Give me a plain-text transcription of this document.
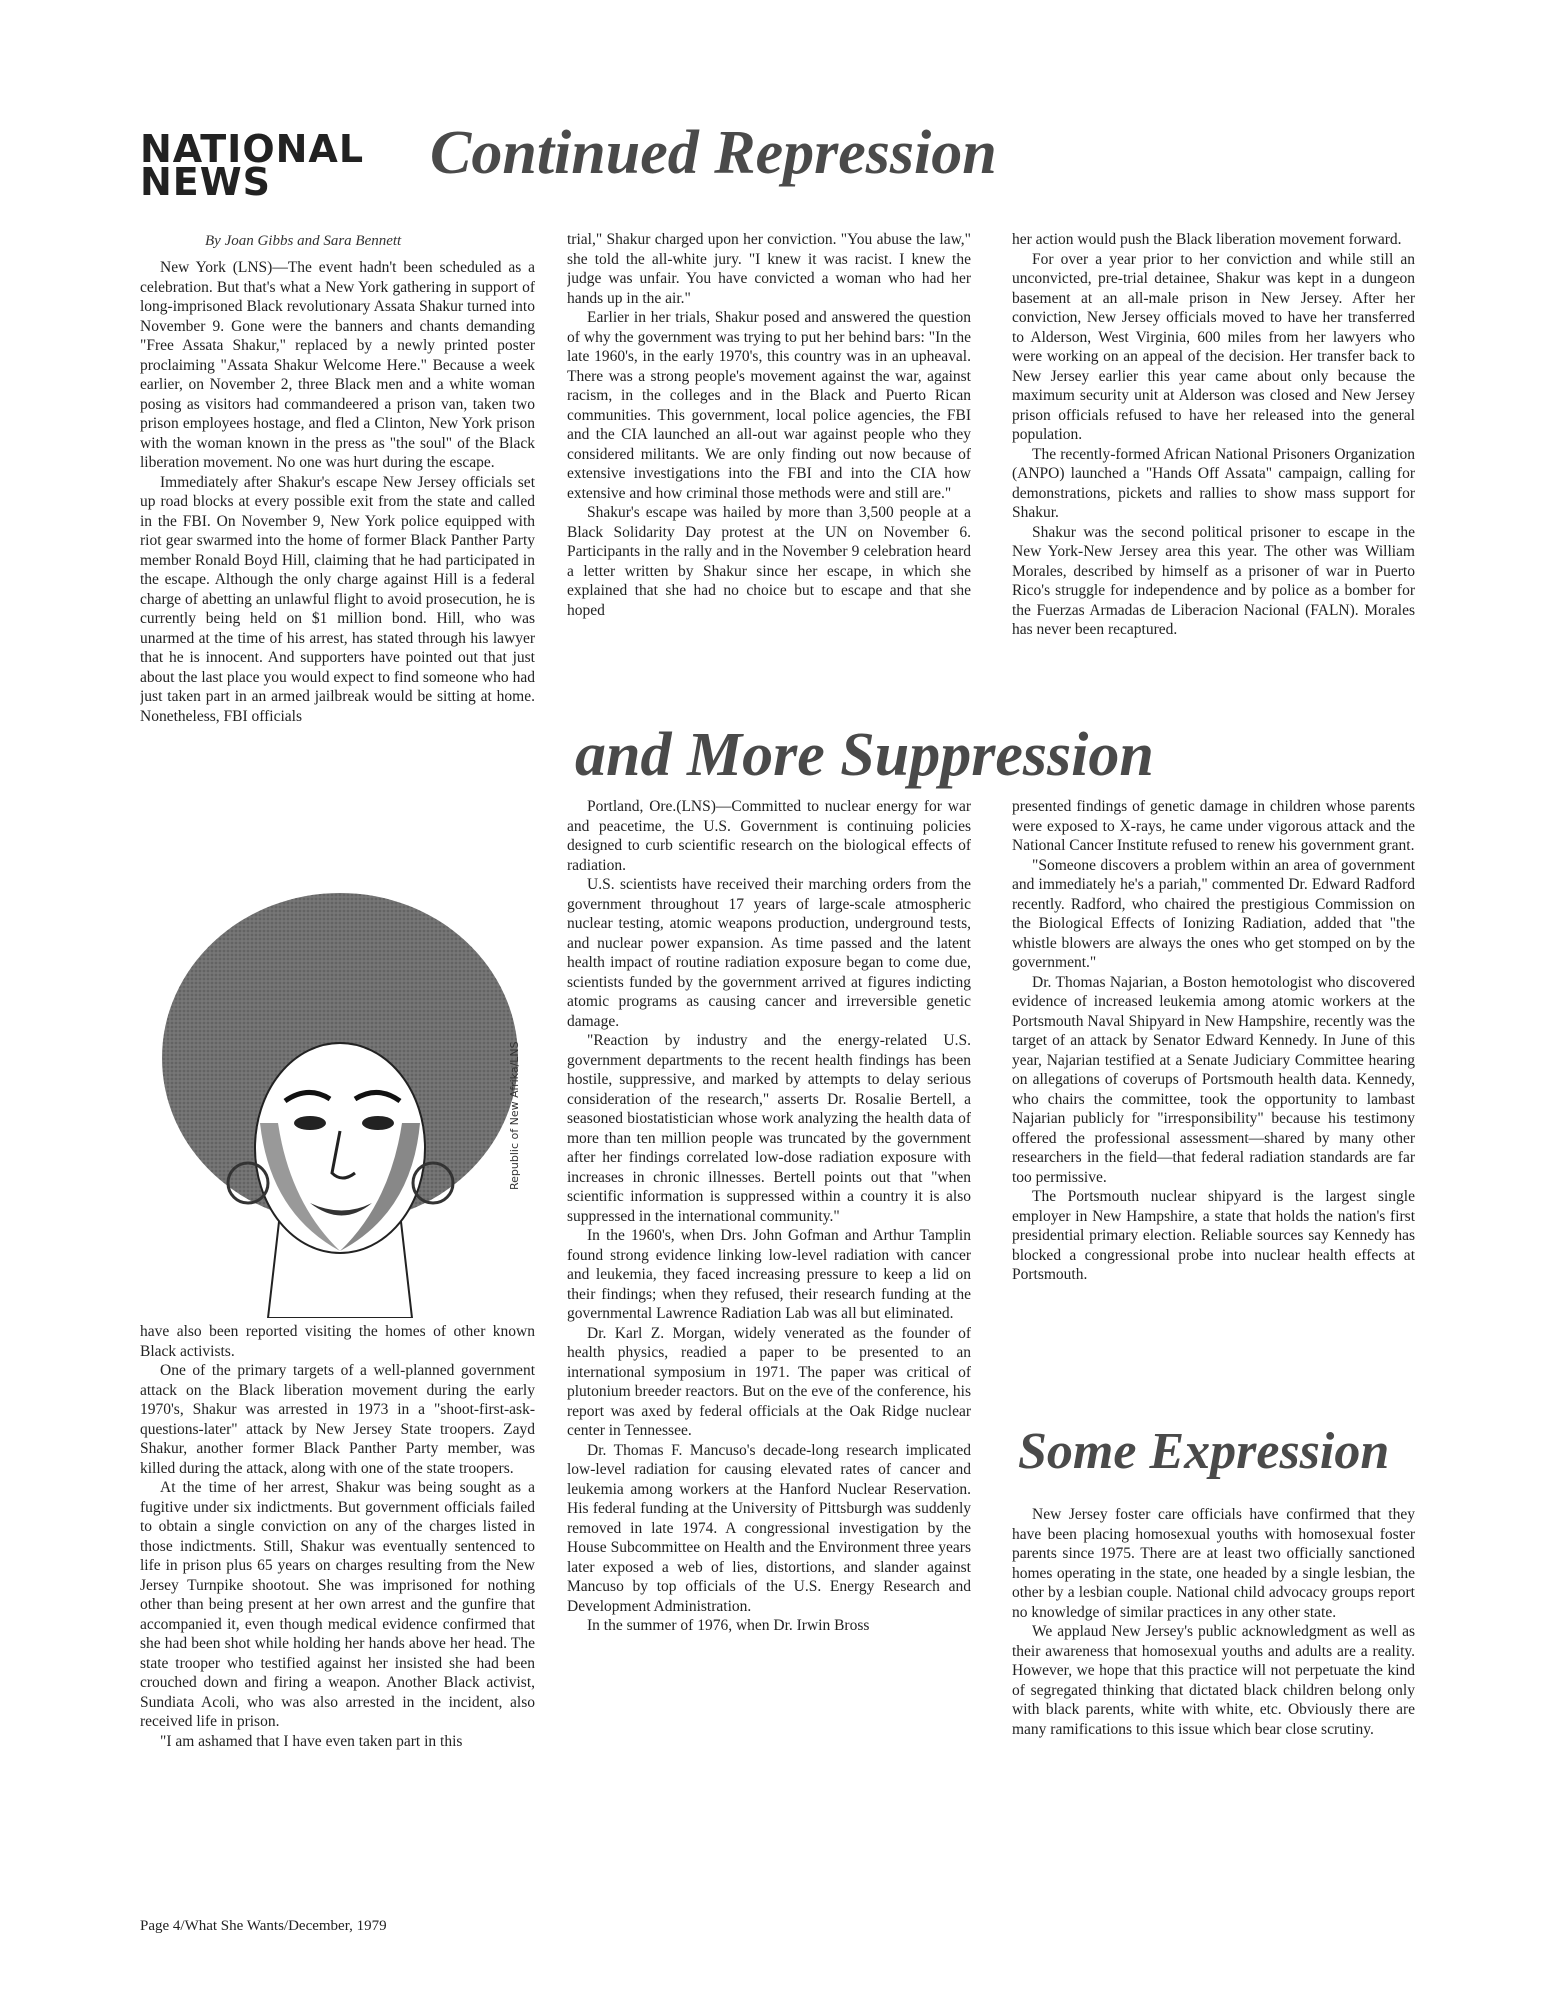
NATIONAL
NEWS	Continued Repression
By Joan Gibbs and Sara Bennett

New York (LNS)—The event hadn't been scheduled as a celebration. But that's what a New York gathering in support of long-imprisoned Black revolutionary Assata Shakur turned into November 9. Gone were the banners and chants demanding "Free Assata Shakur," replaced by a newly printed poster proclaiming "Assata Shakur Welcome Here." Because a week earlier, on November 2, three Black men and a white woman posing as visitors had commandeered a prison van, taken two prison employees hostage, and fled a Clinton, New York prison with the woman known in the press as "the soul" of the Black liberation movement. No one was hurt during the escape.

Immediately after Shakur's escape New Jersey officials set up road blocks at every possible exit from the state and called in the FBI. On November 9, New York police equipped with riot gear swarmed into the home of former Black Panther Party member Ronald Boyd Hill, claiming that he had participated in the escape. Although the only charge against Hill is a federal charge of abetting an unlawful flight to avoid prosecution, he is currently being held on $1 million bond. Hill, who was unarmed at the time of his arrest, has stated through his lawyer that he is innocent. And supporters have pointed out that just about the last place you would expect to find someone who had just taken part in an armed jailbreak would be sitting at home. Nonetheless, FBI officials

Republic of New Afrika/LNS

have also been reported visiting the homes of other known Black activists.

One of the primary targets of a well-planned government attack on the Black liberation movement during the early 1970's, Shakur was arrested in 1973 in a "shoot-first-ask-questions-later" attack by New Jersey State troopers. Zayd Shakur, another former Black Panther Party member, was killed during the attack, along with one of the state troopers.

At the time of her arrest, Shakur was being sought as a fugitive under six indictments. But government officials failed to obtain a single conviction on any of the charges listed in those indictments. Still, Shakur was eventually sentenced to life in prison plus 65 years on charges resulting from the New Jersey Turnpike shootout. She was imprisoned for nothing other than being present at her own arrest and the gunfire that accompanied it, even though medical evidence confirmed that she had been shot while holding her hands above her head. The state trooper who testified against her insisted she had been crouched down and firing a weapon. Another Black activist, Sundiata Acoli, who was also arrested in the incident, also received life in prison.

"I am ashamed that I have even taken part in this

trial," Shakur charged upon her conviction. "You abuse the law," she told the all-white jury. "I knew it was racist. I knew the judge was unfair. You have convicted a woman who had her hands up in the air."

Earlier in her trials, Shakur posed and answered the question of why the government was trying to put her behind bars: "In the late 1960's, in the early 1970's, this country was in an upheaval. There was a strong people's movement against the war, against racism, in the colleges and in the Black and Puerto Rican communities. This government, local police agencies, the FBI and the CIA launched an all-out war against people who they considered militants. We are only finding out now because of extensive investigations into the FBI and into the CIA how extensive and how criminal those methods were and still are."

Shakur's escape was hailed by more than 3,500 people at a Black Solidarity Day protest at the UN on November 6. Participants in the rally and in the November 9 celebration heard a letter written by Shakur since her escape, in which she explained that she had no choice but to escape and that she hoped

her action would push the Black liberation movement forward.

For over a year prior to her conviction and while still an unconvicted, pre-trial detainee, Shakur was kept in a dungeon basement at an all-male prison in New Jersey. After her conviction, New Jersey officials moved to have her transferred to Alderson, West Virginia, 600 miles from her lawyers who were working on an appeal of the decision. Her transfer back to New Jersey earlier this year came about only because the maximum security unit at Alderson was closed and New Jersey prison officials refused to have her released into the general population.

The recently-formed African National Prisoners Organization (ANPO) launched a "Hands Off Assata" campaign, calling for demonstrations, pickets and rallies to show mass support for Shakur.

Shakur was the second political prisoner to escape in the New York-New Jersey area this year. The other was William Morales, described by himself as a prisoner of war in Puerto Rico's struggle for independence and by police as a bomber for the Fuerzas Armadas de Liberacion Nacional (FALN). Morales has never been recaptured.

and More Suppression

Portland, Ore.(LNS)—Committed to nuclear energy for war and peacetime, the U.S. Government is continuing policies designed to curb scientific research on the biological effects of radiation.

U.S. scientists have received their marching orders from the government throughout 17 years of large-scale atmospheric nuclear testing, atomic weapons production, underground tests, and nuclear power expansion. As time passed and the latent health impact of routine radiation exposure began to come due, scientists funded by the government arrived at figures indicting atomic programs as causing cancer and irreversible genetic damage.

"Reaction by industry and the energy-related U.S. government departments to the recent health findings has been hostile, suppressive, and marked by attempts to delay serious consideration of the research," asserts Dr. Rosalie Bertell, a seasoned biostatistician whose work analyzing the health data of more than ten million people was truncated by the government after her findings correlated low-dose radiation exposure with increases in chronic illnesses. Bertell points out that "when scientific information is suppressed within a country it is also suppressed in the international community."

In the 1960's, when Drs. John Gofman and Arthur Tamplin found strong evidence linking low-level radiation with cancer and leukemia, they faced increasing pressure to keep a lid on their findings; when they refused, their research funding at the governmental Lawrence Radiation Lab was all but eliminated.

Dr. Karl Z. Morgan, widely venerated as the founder of health physics, readied a paper to be presented to an international symposium in 1971. The paper was critical of plutonium breeder reactors. But on the eve of the conference, his report was axed by federal officials at the Oak Ridge nuclear center in Tennessee.

Dr. Thomas F. Mancuso's decade-long research implicated low-level radiation for causing elevated rates of cancer and leukemia among workers at the Hanford Nuclear Reservation. His federal funding at the University of Pittsburgh was suddenly removed in late 1974. A congressional investigation by the House Subcommittee on Health and the Environment three years later exposed a web of lies, distortions, and slander against Mancuso by top officials of the U.S. Energy Research and Development Administration.

In the summer of 1976, when Dr. Irwin Bross

presented findings of genetic damage in children whose parents were exposed to X-rays, he came under vigorous attack and the National Cancer Institute refused to renew his government grant.

"Someone discovers a problem within an area of government and immediately he's a pariah," commented Dr. Edward Radford recently. Radford, who chaired the prestigious Commission on the Biological Effects of Ionizing Radiation, added that "the whistle blowers are always the ones who get stomped on by the government."

Dr. Thomas Najarian, a Boston hemotologist who discovered evidence of increased leukemia among atomic workers at the Portsmouth Naval Shipyard in New Hampshire, recently was the target of an attack by Senator Edward Kennedy. In June of this year, Najarian testified at a Senate Judiciary Committee hearing on allegations of coverups of Portsmouth health data. Kennedy, who chairs the committee, took the opportunity to lambast Najarian publicly for "irresponsibility" because his testimony offered the professional assessment—shared by many other researchers in the field—that federal radiation standards are far too permissive.

The Portsmouth nuclear shipyard is the largest single employer in New Hampshire, a state that holds the nation's first presidential primary election. Reliable sources say Kennedy has blocked a congressional probe into nuclear health effects at Portsmouth.

Some Expression

New Jersey foster care officials have confirmed that they have been placing homosexual youths with homosexual foster parents since 1975. There are at least two officially sanctioned homes operating in the state, one headed by a single lesbian, the other by a lesbian couple. National child advocacy groups report no knowledge of similar practices in any other state.

We applaud New Jersey's public acknowledgment as well as their awareness that homosexual youths and adults are a reality. However, we hope that this practice will not perpetuate the kind of segregated thinking that dictated black children belong only with black parents, white with white, etc. Obviously there are many ramifications to this issue which bear close scrutiny.

Page 4/What She Wants/December, 1979
